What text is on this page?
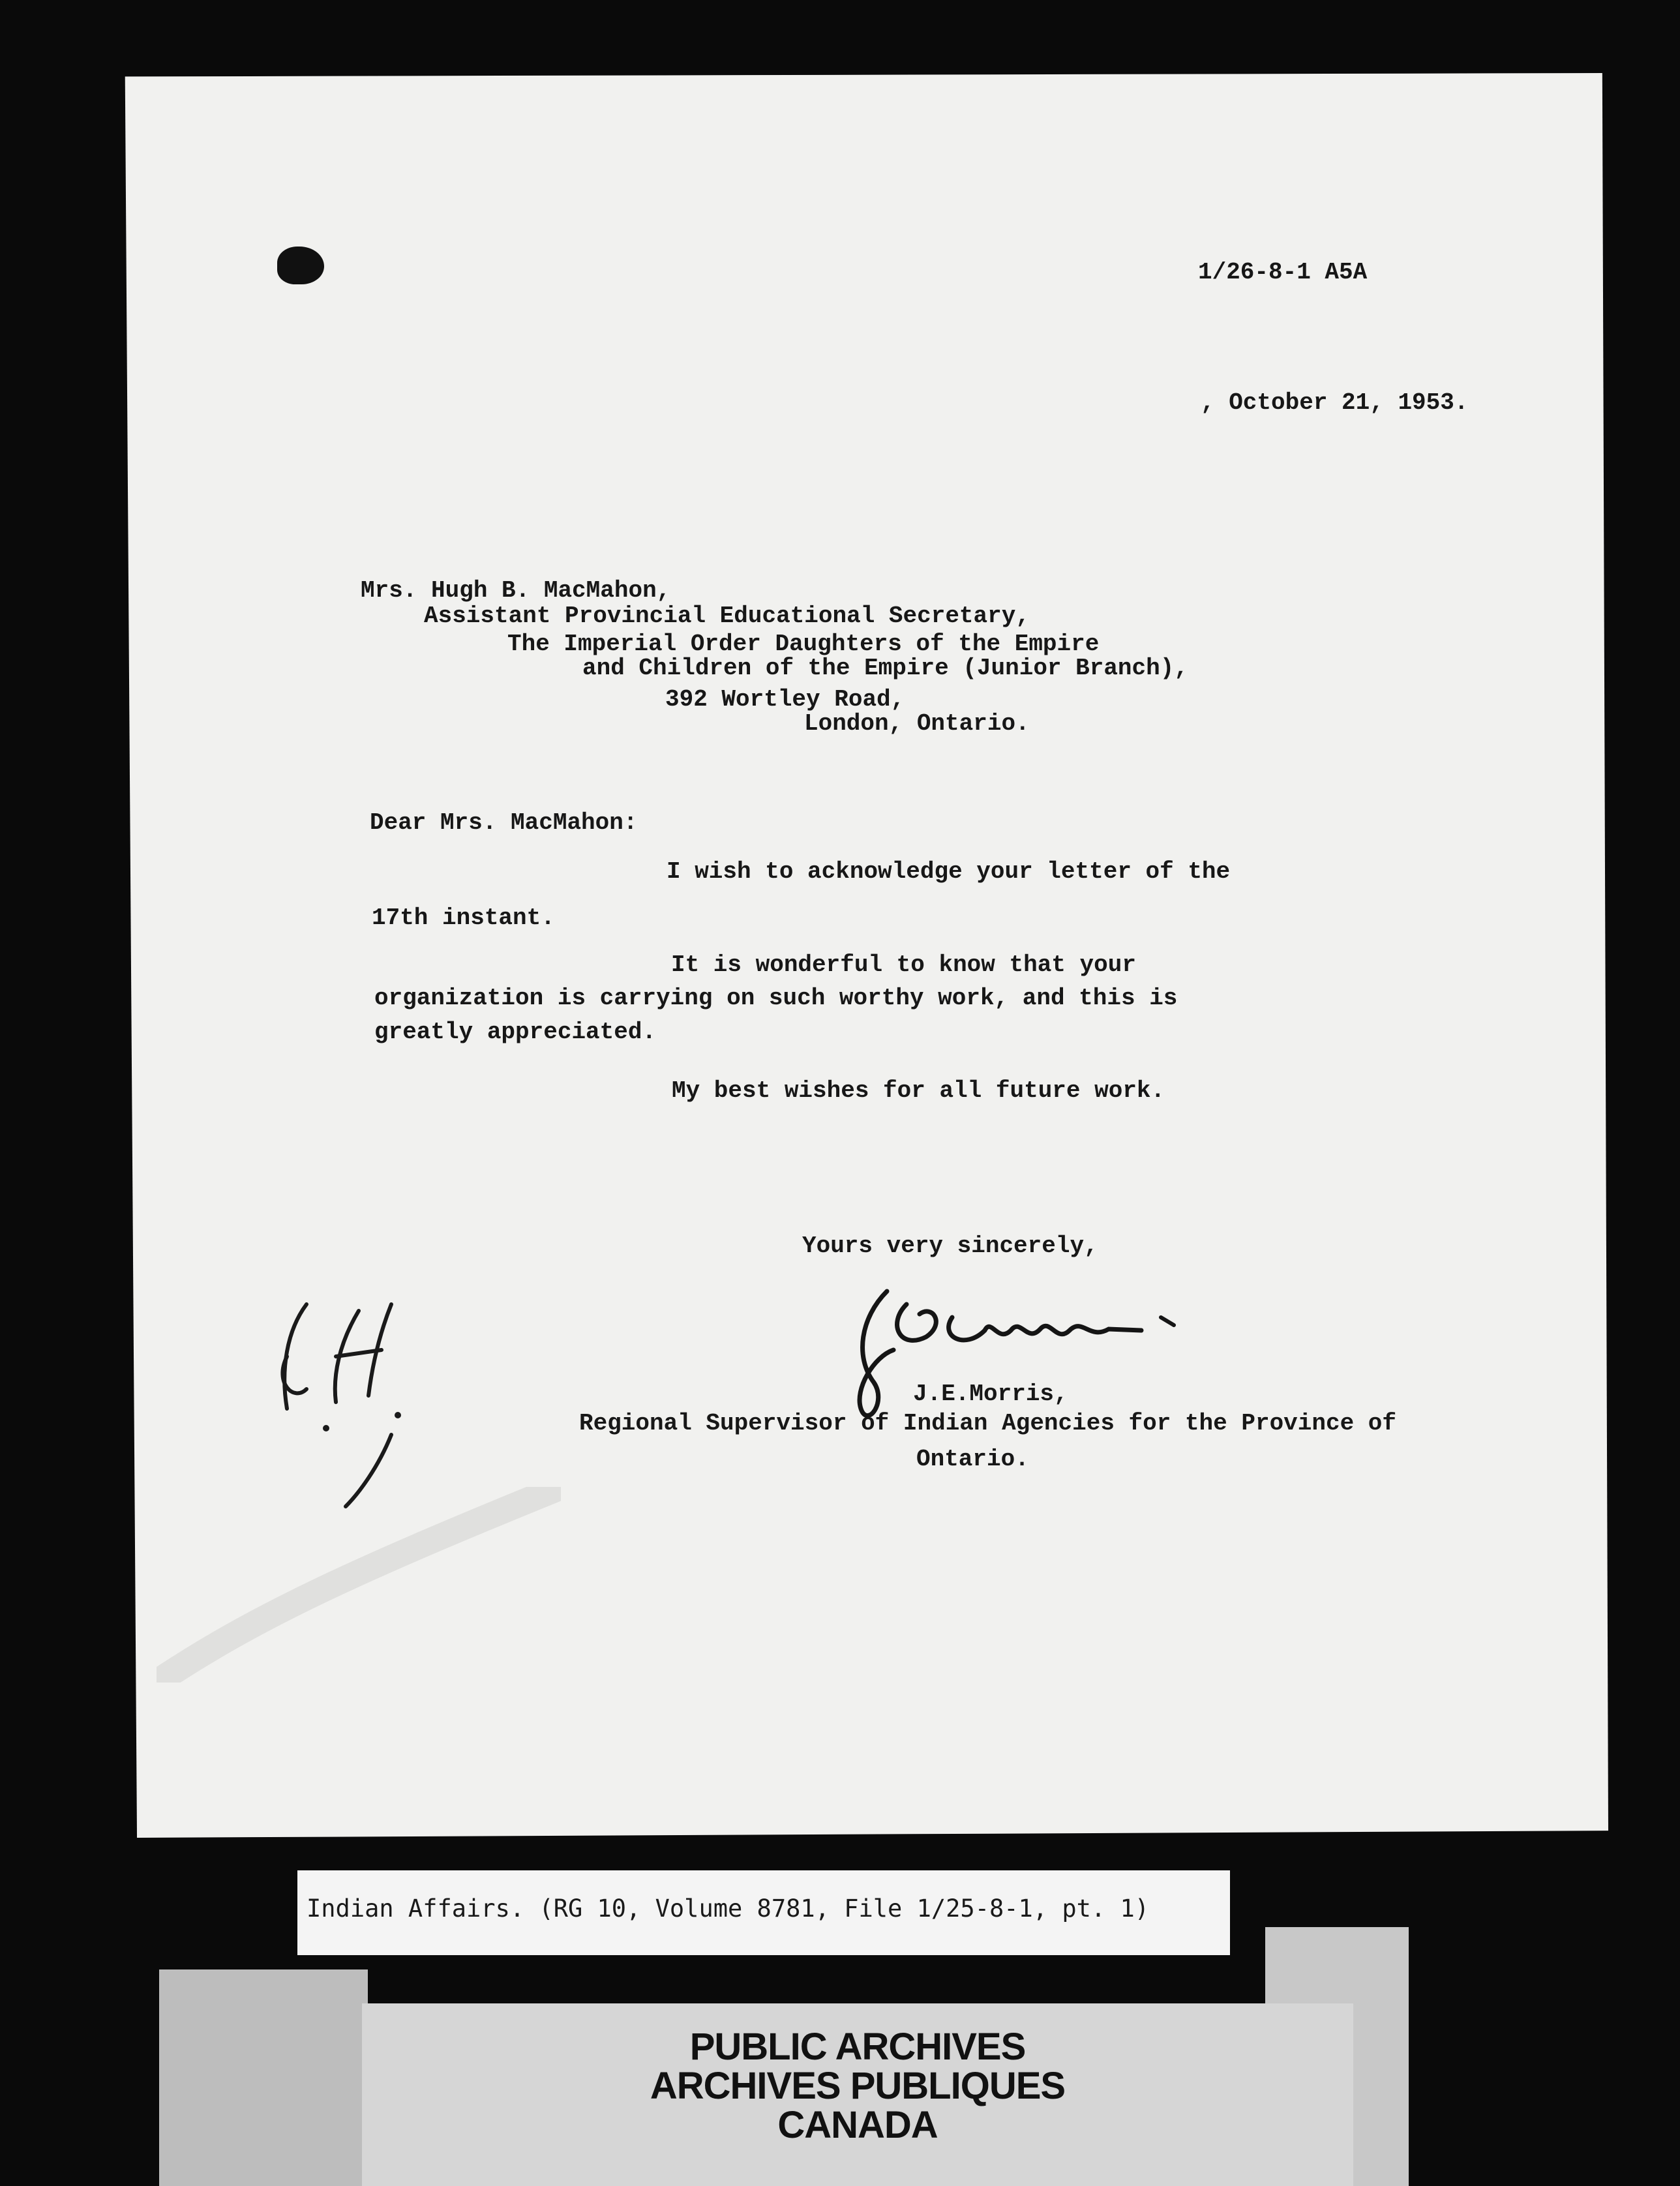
1/26-8-1 A5A
, October 21, 1953.
Mrs. Hugh B. MacMahon,
Assistant Provincial Educational Secretary,
The Imperial Order Daughters of the Empire
and Children of the Empire (Junior Branch),
392 Wortley Road,
London, Ontario.
Dear Mrs. MacMahon:
I wish to acknowledge your letter of the
17th instant.
It is wonderful to know that your
organization is carrying on such worthy work, and this is
greatly appreciated.
My best wishes for all future work.
Yours very sincerely,
J.E.Morris,
Regional Supervisor of Indian Agencies for the Province of
Ontario.
Indian Affairs. (RG 10, Volume 8781, File 1/25-8-1, pt. 1)
PUBLIC ARCHIVES
ARCHIVES PUBLIQUES
CANADA
